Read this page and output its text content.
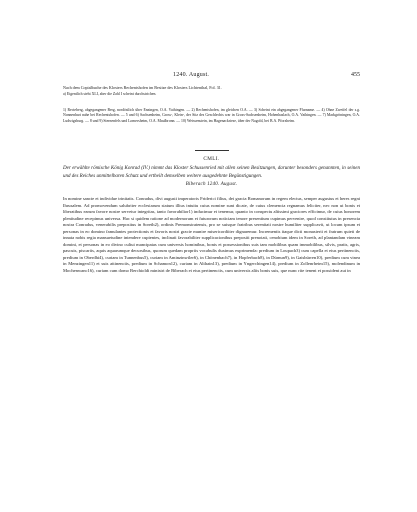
1240. August.	455
Nach dem Copialbuche des Klosters Rechentshofen im Besitze des Klosters Lichtenthal, Fol. 31.
a) Eigentlich steht XLI, aber die Zahl I scheint durchstrichen.

1) Recteberg, abgegangener Berg, nordöstlich über Enzingen, O.A. Vaihingen. — 2) Rechentshofen, im gleichen O.A. — 3) Scheint ein abgegangener Flurname. — 4) Ohne Zweifel der s.g. Nonnenhart nahe bei Rechentshofen. — 5 und 6) Sachsenheim, Gross-, Klein-, der Sitz des Geschlechts war in Gross-Sachsenheim, Hohenhaslach, O.A. Vaihingen. — 7) Markgröningen, O.A. Ludwigsburg. — 8 und 9) Sternenfels und Lomersheim, O.A. Maulbronn. — 10) Weissenstein, im Hagenackriese, über der Nagold, bei B.A. Pforzheim.

CMLI.

Der erwählte römische König Konrad (IV.) nimmt das Kloster Schussenried mit allen seinen Besitzungen, darunter besonders genannten, in seinen und des Reiches unmittelbaren Schutz und ertheilt demselben weitere ausgedehnte Begünstigungen.

Biberach 1240. August.

In nomine sancte et individue trinitatis. Conradus, divi augusti imperatoris Friderici filius, dei gracia Romanorum in regem electus, semper augustus et heres regni Ihrusalem. Ad promovendum salubriter ecclesiarum statum illius intuitu cuius nomine sunt dicate, de cuius clemencia regnamus feliciter, nec non ut bonis et liberatibus earum favore nostre serveiur integritas, tanto favorabilior1) inducimur et tenemur, quanto in conspectu altissimi graciores efficimur, de cuius honorem plenitudine recepimus universa. Hac si quidem ratione ad modernorum et futurorum noticiam tenore presentium cupimus pervenire, quod constitutus in presencia nostra Conradus, venerabilis prepositus in Soreth2), ordinis Premonstratensis, pro se suisque fratribus serenitati nostre humiliter supplicavit, ut locum ipsum et personas in eo domino famulantes protectionis et favoris nostri gracie munire misericordiiter dignaremur. Incrementis itaque dicti monasterii et fratrum quieti de innata nobis regia mansuetudine intendere cupientes, inclinati favorabiliter supplicacionibus prepositi prenotati, cenobium idem in Soreth, ad plantandam vineam domini, et personas in eo divino cultui mancipatas cum universis hominibus, bonis et possessionibus suis tam mobilibus quam immobilibus, silvis, pratis, agris, pascuis, piscariis, aquis aquarumque decursibus, quorum quedam propriis vocabulis duximus exprimenda: predium in Loupach3) cum capella et eius pertinenciis, predium in Oberdhi4), curiam in Tunnenbus5), curiam in Aminzinwiler6), in Chönenbach7), in Hopferbach8), in Dürnun9), in Gaisbürren10), predium cum vinea in Menzingen11) et suis attinenciis, predium in Schamon12), curiam in Althain13), predium in Yngerchingen14), predium in Zollenrheim15), molendinum in Mochenwanc16), curiam cum domo Berchioldi ministri de Biberach et eius pertinenciis, cum universis aliis bonis suis, que nunc rite tenent et possident aut in
